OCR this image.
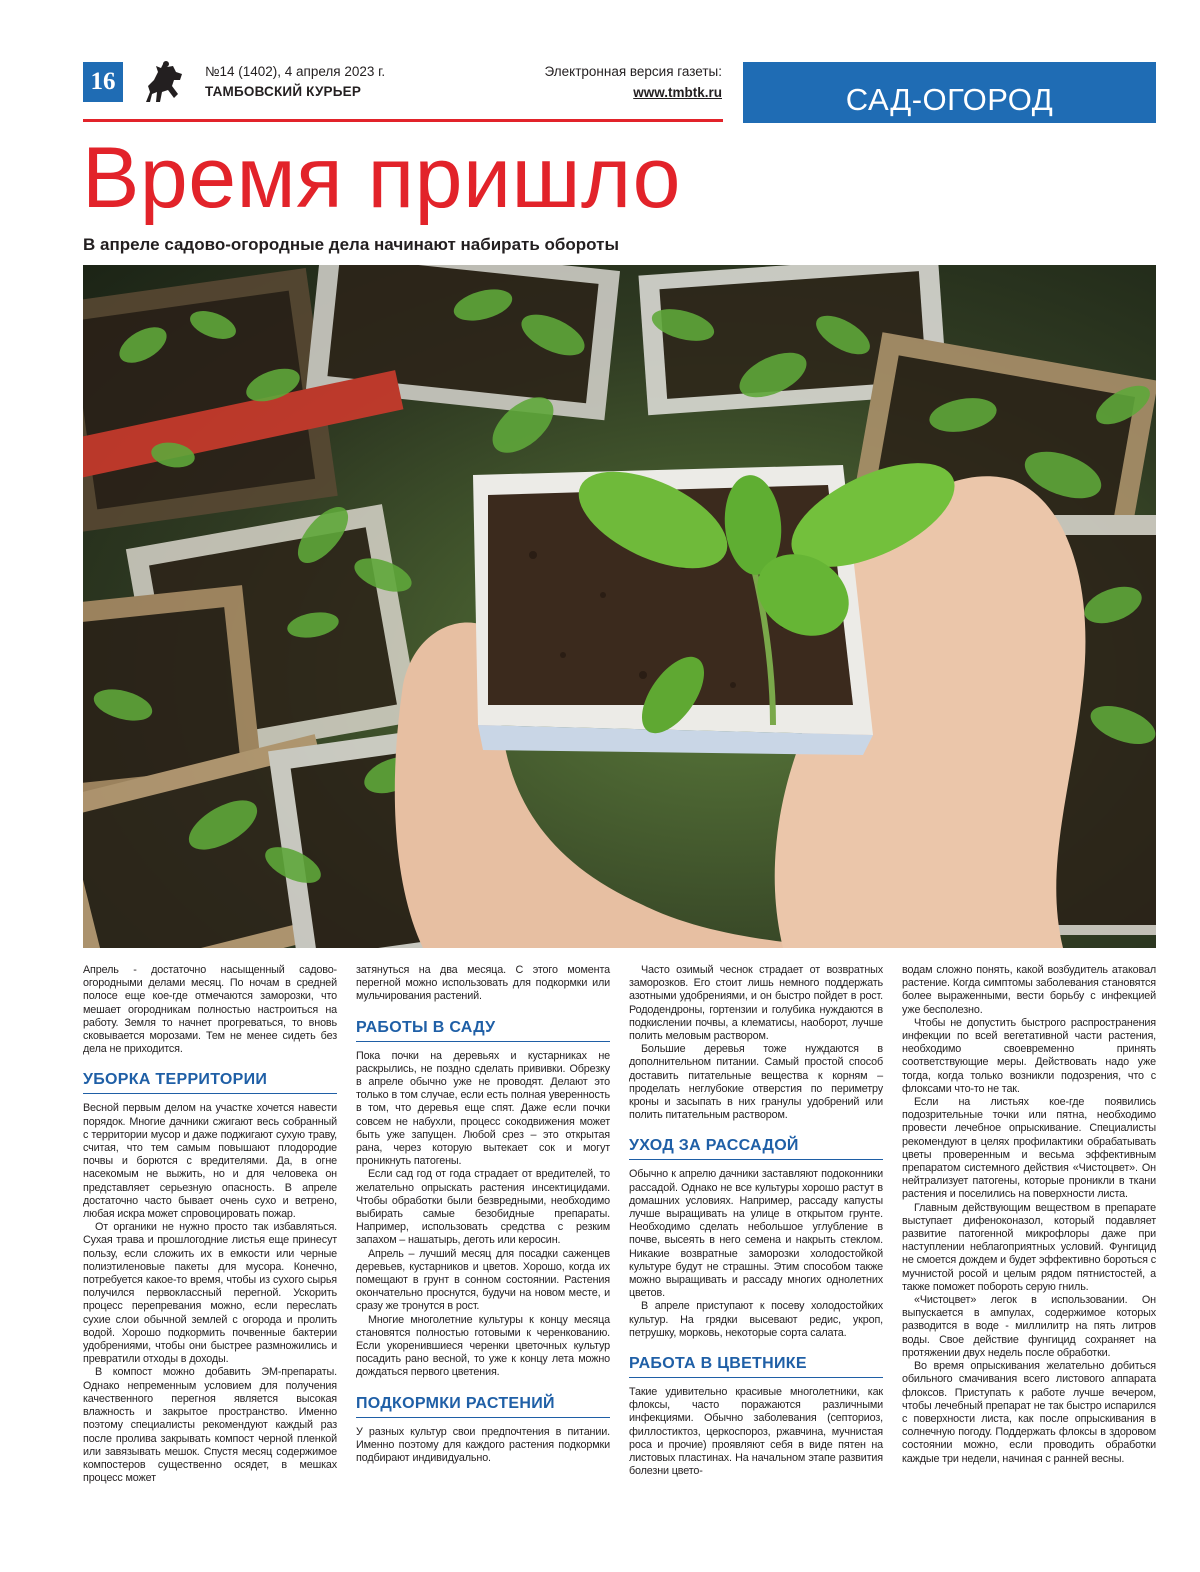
16	№14 (1402), 4 апреля 2023 г.
ТАМБОВСКИЙ КУРЬЕР
Электронная версия газеты:
www.tmbtk.ru	САД-ОГОРОД
Время пришло
В апреле садово-огородные дела начинают набирать обороты

Апрель - достаточно насыщенный садово-огородными делами месяц. По ночам в средней полосе еще кое-где отмечаются заморозки, что мешает огородникам полностью настроиться на работу. Земля то начнет прогреваться, то вновь сковывается морозами. Тем не менее сидеть без дела не приходится.

УБОРКА ТЕРРИТОРИИ

Весной первым делом на участке хочется навести порядок. Многие дачники сжигают весь собранный с территории мусор и даже поджигают сухую траву, считая, что тем самым повышают плодородие почвы и борются с вредителями. Да, в огне насекомым не выжить, но и для человека он представляет серьезную опасность. В апреле достаточно часто бывает очень сухо и ветрено, любая искра может спровоцировать пожар.

От органики не нужно просто так избавляться. Сухая трава и прошлогодние листья еще принесут пользу, если сложить их в емкости или черные полиэтиленовые пакеты для мусора. Конечно, потребуется какое-то время, чтобы из сухого сырья получился первоклассный перегной. Ускорить процесс перепревания можно, если переслать сухие слои обычной землей с огорода и пролить водой. Хорошо подкормить почвенные бактерии удобрениями, чтобы они быстрее размножились и превратили отходы в доходы.

В компост можно добавить ЭМ-препараты. Однако непременным условием для получения качественного перегноя является высокая влажность и закрытое пространство. Именно поэтому специалисты рекомендуют каждый раз после пролива закрывать компост черной пленкой или завязывать мешок. Спустя месяц содержимое компостеров существенно осядет, в мешках процесс может

затянуться на два месяца. С этого момента перегной можно использовать для подкормки или мульчирования растений.

РАБОТЫ В САДУ

Пока почки на деревьях и кустарниках не раскрылись, не поздно сделать прививки. Обрезку в апреле обычно уже не проводят. Делают это только в том случае, если есть полная уверенность в том, что деревья еще спят. Даже если почки совсем не набухли, процесс сокодвижения может быть уже запущен. Любой срез – это открытая рана, через которую вытекает сок и могут проникнуть патогены.

Если сад год от года страдает от вредителей, то желательно опрыскать растения инсектицидами. Чтобы обработки были безвредными, необходимо выбирать самые безобидные препараты. Например, использовать средства с резким запахом – нашатырь, деготь или керосин.

Апрель – лучший месяц для посадки саженцев деревьев, кустарников и цветов. Хорошо, когда их помещают в грунт в сонном состоянии. Растения окончательно проснутся, будучи на новом месте, и сразу же тронутся в рост.

Многие многолетние культуры к концу месяца становятся полностью готовыми к черенкованию. Если укоренившиеся черенки цветочных культур посадить рано весной, то уже к концу лета можно дождаться первого цветения.

ПОДКОРМКИ РАСТЕНИЙ

У разных культур свои предпочтения в питании. Именно поэтому для каждого растения подкормки подбирают индивидуально.

Часто озимый чеснок страдает от возвратных заморозков. Его стоит лишь немного поддержать азотными удобрениями, и он быстро пойдет в рост. Рододендроны, гортензии и голубика нуждаются в подкислении почвы, а клематисы, наоборот, лучше полить меловым раствором.

Большие деревья тоже нуждаются в дополнительном питании. Самый простой способ доставить питательные вещества к корням – проделать неглубокие отверстия по периметру кроны и засыпать в них гранулы удобрений или полить питательным раствором.

УХОД ЗА РАССАДОЙ

Обычно к апрелю дачники заставляют подоконники рассадой. Однако не все культуры хорошо растут в домашних условиях. Например, рассаду капусты лучше выращивать на улице в открытом грунте. Необходимо сделать небольшое углубление в почве, высеять в него семена и накрыть стеклом. Никакие возвратные заморозки холодостойкой культуре будут не страшны. Этим способом также можно выращивать и рассаду многих однолетних цветов.

В апреле приступают к посеву холодостойких культур. На грядки высевают редис, укроп, петрушку, морковь, некоторые сорта салата.

РАБОТА В ЦВЕТНИКЕ

Такие удивительно красивые многолетники, как флоксы, часто поражаются различными инфекциями. Обычно заболевания (септориоз, филлостиктоз, церкоспороз, ржавчина, мучнистая роса и прочие) проявляют себя в виде пятен на листовых пластинах. На начальном этапе развития болезни цвето-

водам сложно понять, какой возбудитель атаковал растение. Когда симптомы заболевания становятся более выраженными, вести борьбу с инфекцией уже бесполезно.

Чтобы не допустить быстрого распространения инфекции по всей вегетативной части растения, необходимо своевременно принять соответствующие меры. Действовать надо уже тогда, когда только возникли подозрения, что с флоксами что-то не так.

Если на листьях кое-где появились подозрительные точки или пятна, необходимо провести лечебное опрыскивание. Специалисты рекомендуют в целях профилактики обрабатывать цветы проверенным и весьма эффективным препаратом системного действия «Чистоцвет». Он нейтрализует патогены, которые проникли в ткани растения и поселились на поверхности листа.

Главным действующим веществом в препарате выступает дифеноконазол, который подавляет развитие патогенной микрофлоры даже при наступлении неблагоприятных условий. Фунгицид не смоется дождем и будет эффективно бороться с мучнистой росой и целым рядом пятнистостей, а также поможет побороть серую гниль.

«Чистоцвет» легок в использовании. Он выпускается в ампулах, содержимое которых разводится в воде - миллилитр на пять литров воды. Свое действие фунгицид сохраняет на протяжении двух недель после обработки.

Во время опрыскивания желательно добиться обильного смачивания всего листового аппарата флоксов. Приступать к работе лучше вечером, чтобы лечебный препарат не так быстро испарился с поверхности листа, как после опрыскивания в солнечную погоду. Поддержать флоксы в здоровом состоянии можно, если проводить обработки каждые три недели, начиная с ранней весны.
